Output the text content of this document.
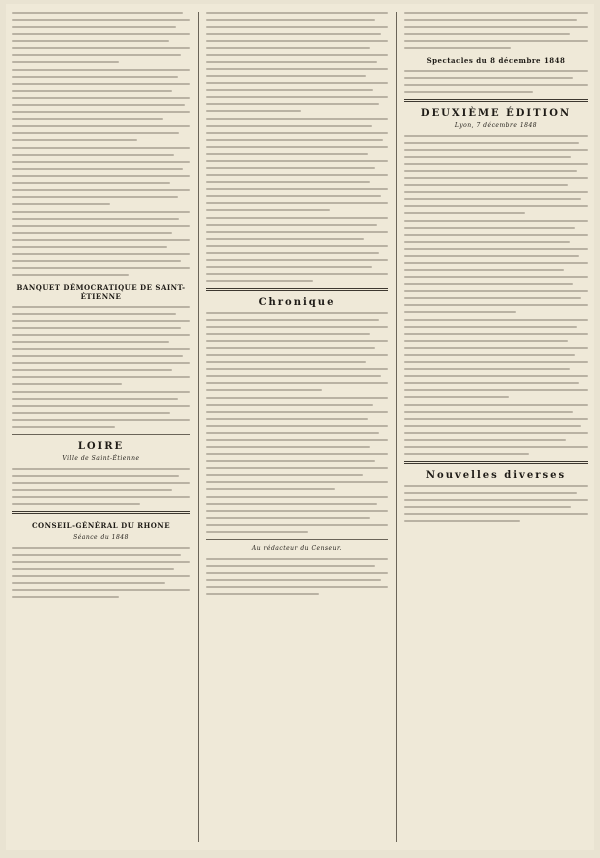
BANQUET DÉMOCRATIQUE DE SAINT-ÉTIENNE
LOIRE
Ville de Saint-Étienne
CONSEIL-GÉNÉRAL DU RHONE
Séance du 1848
Chronique
Au rédacteur du Censeur.
Spectacles du 8 décembre 1848
DEUXIÈME ÉDITION
Lyon, 7 décembre 1848
Nouvelles diverses
